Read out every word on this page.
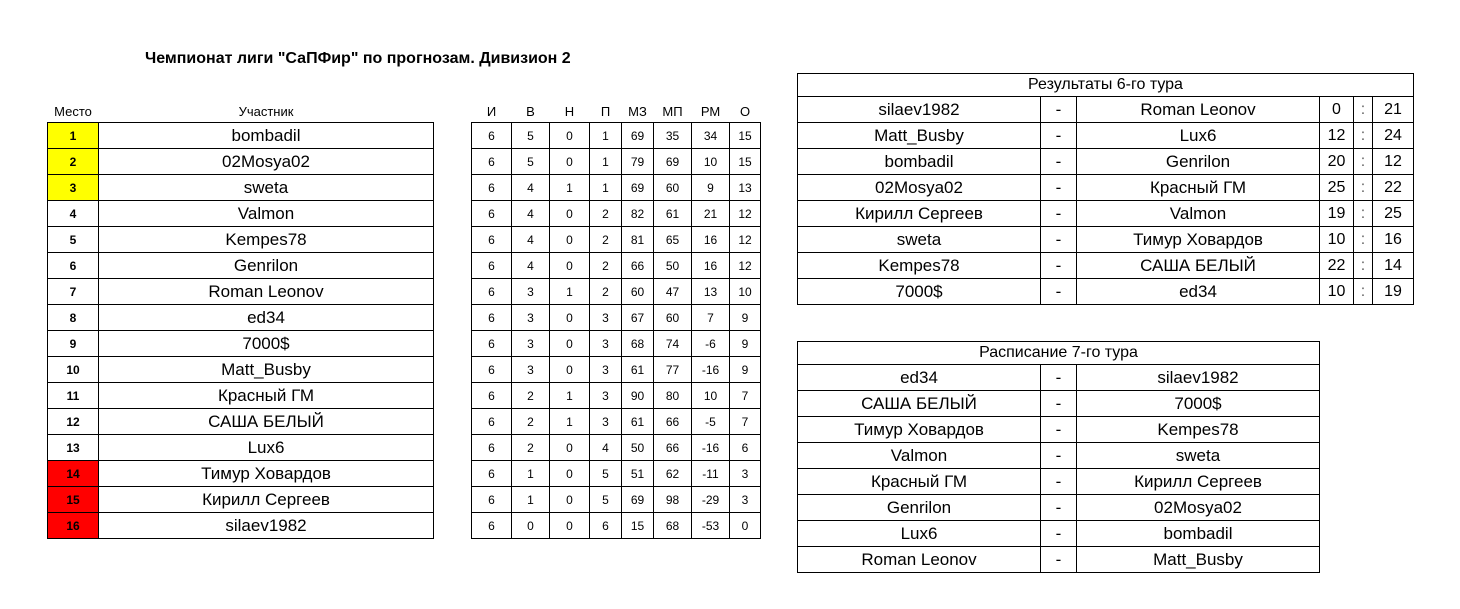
Чемпионат лиги "СаПФир" по прогнозам. Дивизион 2
Место	Участник		И	В	Н	П	МЗ	МП	РМ	О
1	bombadil		6	5	0	1	69	35	34	15
2	02Mosya02		6	5	0	1	79	69	10	15
3	sweta		6	4	1	1	69	60	9	13
4	Valmon		6	4	0	2	82	61	21	12
5	Kempes78		6	4	0	2	81	65	16	12
6	Genrilon		6	4	0	2	66	50	16	12
7	Roman Leonov		6	3	1	2	60	47	13	10
8	ed34		6	3	0	3	67	60	7	9
9	7000$		6	3	0	3	68	74	-6	9
10	Matt_Busby		6	3	0	3	61	77	-16	9
11	Красный ГМ		6	2	1	3	90	80	10	7
12	САША БЕЛЫЙ		6	2	1	3	61	66	-5	7
13	Lux6		6	2	0	4	50	66	-16	6
14	Тимур Ховардов		6	1	0	5	51	62	-11	3
15	Кирилл Сергеев		6	1	0	5	69	98	-29	3
16	silaev1982		6	0	0	6	15	68	-53	0
Результаты 6-го тура					
silaev1982	-	Roman Leonov	0	:	21
Matt_Busby	-	Lux6	12	:	24
bombadil	-	Genrilon	20	:	12
02Mosya02	-	Красный ГМ	25	:	22
Кирилл Сергеев	-	Valmon	19	:	25
sweta	-	Тимур Ховардов	10	:	16
Kempes78	-	САША БЕЛЫЙ	22	:	14
7000$	-	ed34	10	:	19
Расписание 7-го тура		
ed34	-	silaev1982
САША БЕЛЫЙ	-	7000$
Тимур Ховардов	-	Kempes78
Valmon	-	sweta
Красный ГМ	-	Кирилл Сергеев
Genrilon	-	02Mosya02
Lux6	-	bombadil
Roman Leonov	-	Matt_Busby
